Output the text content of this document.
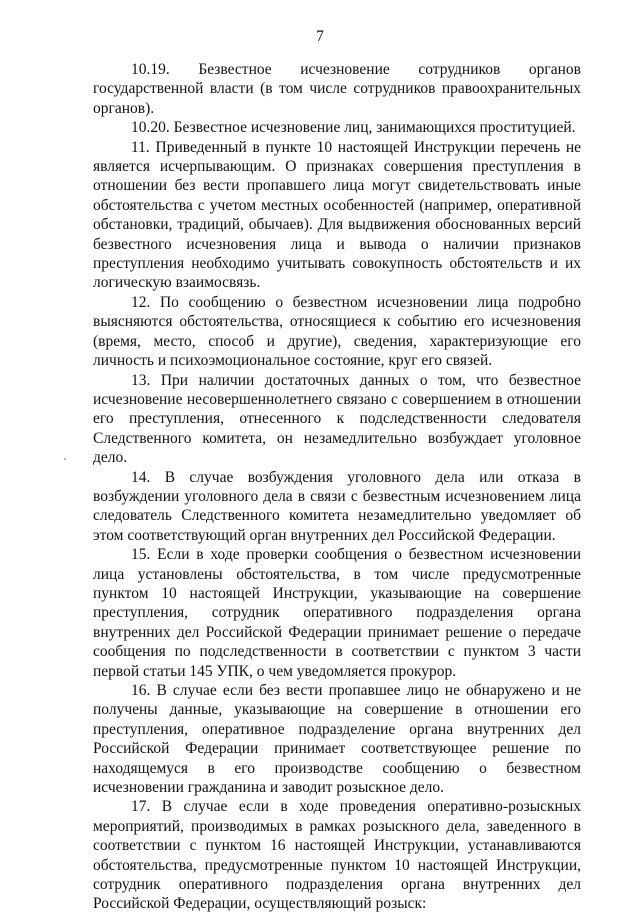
7

10.19. Безвестное исчезновение сотрудников органов государственной власти (в том числе сотрудников правоохранительных органов).

10.20. Безвестное исчезновение лиц, занимающихся проституцией.

11. Приведенный в пункте 10 настоящей Инструкции перечень не является исчерпывающим. О признаках совершения преступления в отношении без вести пропавшего лица могут свидетельствовать иные обстоятельства с учетом местных особенностей (например, оперативной обстановки, традиций, обычаев). Для выдвижения обоснованных версий безвестного исчезновения лица и вывода о наличии признаков преступления необходимо учитывать совокупность обстоятельств и их логическую взаимосвязь.

12. По сообщению о безвестном исчезновении лица подробно выясняются обстоятельства, относящиеся к событию его исчезновения (время, место, способ и другие), сведения, характеризующие его личность и психоэмоциональное состояние, круг его связей.

13. При наличии достаточных данных о том, что безвестное исчезновение несовершеннолетнего связано с совершением в отношении его преступления, отнесенного к подследственности следователя Следственного комитета, он незамедлительно возбуждает уголовное дело.

14. В случае возбуждения уголовного дела или отказа в возбуждении уголовного дела в связи с безвестным исчезновением лица следователь Следственного комитета незамедлительно уведомляет об этом соответствующий орган внутренних дел Российской Федерации.

15. Если в ходе проверки сообщения о безвестном исчезновении лица установлены обстоятельства, в том числе предусмотренные пунктом 10 настоящей Инструкции, указывающие на совершение преступления, сотрудник оперативного подразделения органа внутренних дел Российской Федерации принимает решение о передаче сообщения по подследственности в соответствии с пунктом 3 части первой статьи 145 УПК, о чем уведомляется прокурор.

16. В случае если без вести пропавшее лицо не обнаружено и не получены данные, указывающие на совершение в отношении его преступления, оперативное подразделение органа внутренних дел Российской Федерации принимает соответствующее решение по находящемуся в его производстве сообщению о безвестном исчезновении гражданина и заводит розыскное дело.

17. В случае если в ходе проведения оперативно-розыскных мероприятий, производимых в рамках розыскного дела, заведенного в соответствии с пунктом 16 настоящей Инструкции, устанавливаются обстоятельства, предусмотренные пунктом 10 настоящей Инструкции, сотрудник оперативного подразделения органа внутренних дел Российской Федерации, осуществляющий розыск:
